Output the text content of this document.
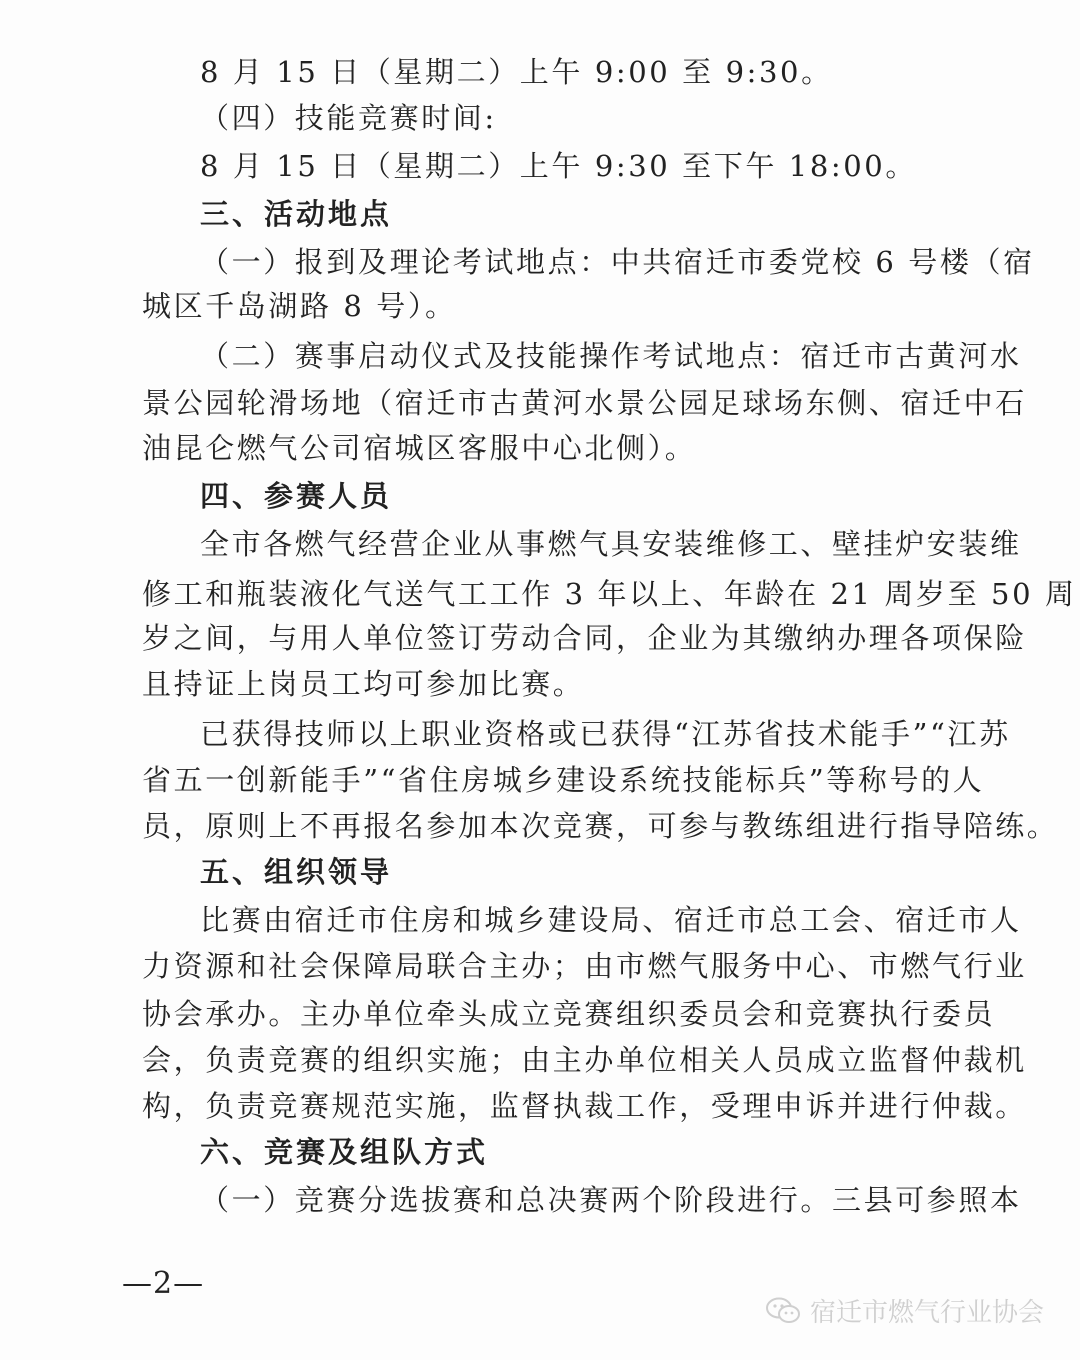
8 月 15 日（星期二）上午 9:00 至 9:30。
（四）技能竞赛时间:
8 月 15 日（星期二）上午 9:30 至下午 18:00。
三、活动地点
（一）报到及理论考试地点：中共宿迁市委党校 6 号楼（宿
城区千岛湖路 8 号）。
（二）赛事启动仪式及技能操作考试地点：宿迁市古黄河水
景公园轮滑场地（宿迁市古黄河水景公园足球场东侧、宿迁中石
油昆仑燃气公司宿城区客服中心北侧）。
四、参赛人员
全市各燃气经营企业从事燃气具安装维修工、壁挂炉安装维
修工和瓶装液化气送气工工作 3 年以上、年龄在 21 周岁至 50 周
岁之间，与用人单位签订劳动合同，企业为其缴纳办理各项保险
且持证上岗员工均可参加比赛。
已获得技师以上职业资格或已获得“江苏省技术能手”“江苏
省五一创新能手”“省住房城乡建设系统技能标兵”等称号的人
员，原则上不再报名参加本次竞赛，可参与教练组进行指导陪练。
五、组织领导
比赛由宿迁市住房和城乡建设局、宿迁市总工会、宿迁市人
力资源和社会保障局联合主办；由市燃气服务中心、市燃气行业
协会承办。主办单位牵头成立竞赛组织委员会和竞赛执行委员
会，负责竞赛的组织实施；由主办单位相关人员成立监督仲裁机
构，负责竞赛规范实施，监督执裁工作，受理申诉并进行仲裁。
六、竞赛及组队方式
（一）竞赛分选拔赛和总决赛两个阶段进行。三县可参照本
—2—
宿迁市燃气行业协会
